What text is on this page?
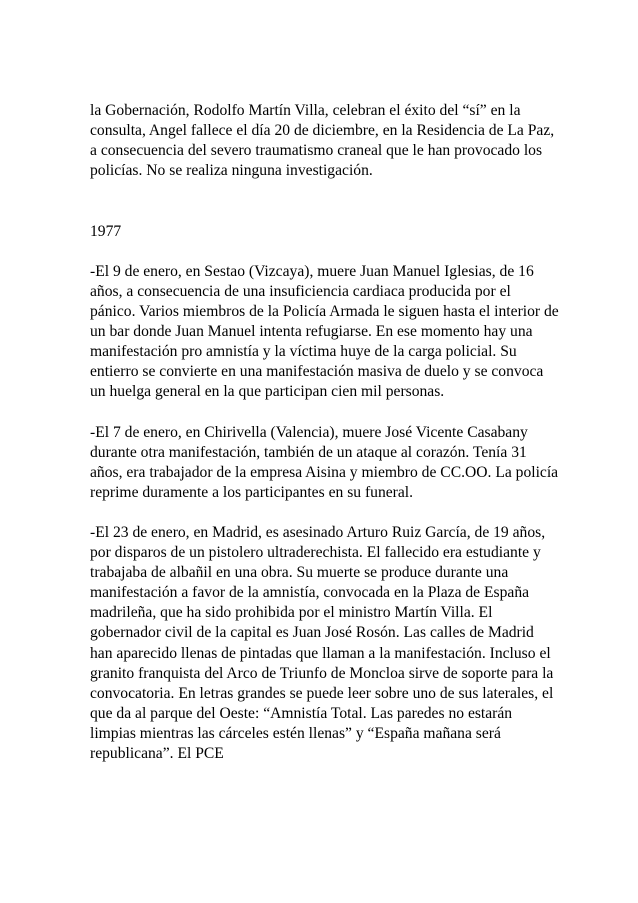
la Gobernación, Rodolfo Martín Villa, celebran el éxito del “sí” en la consulta, Angel fallece el día 20 de diciembre, en la Residencia de La Paz, a consecuencia del severo traumatismo craneal que le han provocado los policías. No se realiza ninguna investigación.

1977

-El 9 de enero, en Sestao (Vizcaya), muere Juan Manuel Iglesias, de 16 años, a consecuencia de una insuficiencia cardiaca producida por el pánico. Varios miembros de la Policía Armada le siguen hasta el interior de un bar donde Juan Manuel intenta refugiarse. En ese momento hay una manifestación pro amnistía y la víctima huye de la carga policial. Su entierro se convierte en una manifestación masiva de duelo y se convoca un huelga general en la que participan cien mil personas.

-El 7 de enero, en Chirivella (Valencia), muere José Vicente Casabany durante otra manifestación, también de un ataque al corazón. Tenía 31 años, era trabajador de la empresa Aisina y miembro de CC.OO. La policía reprime duramente a los participantes en su funeral.

-El 23 de enero, en Madrid, es asesinado Arturo Ruiz García, de 19 años, por disparos de un pistolero ultraderechista. El fallecido era estudiante y trabajaba de albañil en una obra. Su muerte se produce durante una manifestación a favor de la amnistía, convocada en la Plaza de España madrileña, que ha sido prohibida por el ministro Martín Villa. El gobernador civil de la capital es Juan José Rosón. Las calles de Madrid han aparecido llenas de pintadas que llaman a la manifestación. Incluso el granito franquista del Arco de Triunfo de Moncloa sirve de soporte para la convocatoria. En letras grandes se puede leer sobre uno de sus laterales, el que da al parque del Oeste: “Amnistía Total. Las paredes no estarán limpias mientras las cárceles estén llenas” y “España mañana será republicana”. El PCE
